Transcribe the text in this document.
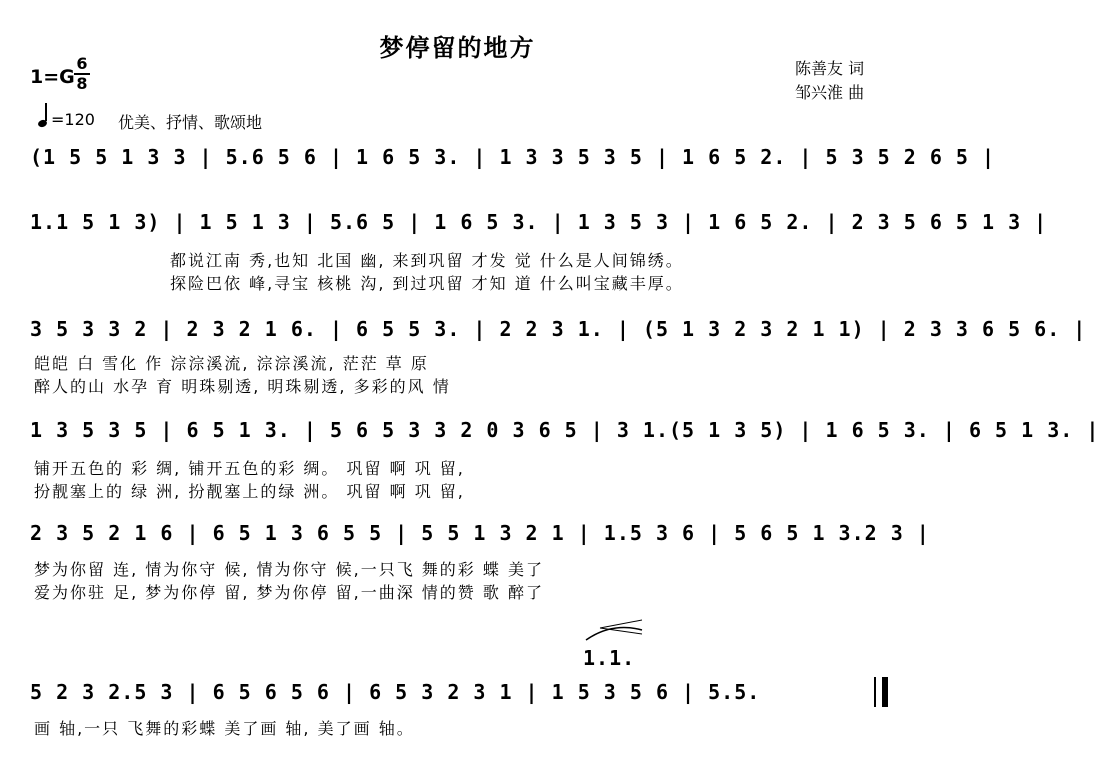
梦停留的地方
1=G
6
8
=120 优美、抒情、歌颂地
陈善友 词
邹兴淮 曲
(1 5 5 1 3 3 | 5.6 5 6 | 1 6 5 3. | 1 3 3 5 3 5 | 1 6 5 2. | 5 3 5 2 6 5 |
1.1 5 1 3) | 1 5 1 3 | 5.6 5 | 1 6 5 3. | 1 3 5 3 | 1 6 5 2. | 2 3 5 6 5 1 3 |
都说江南 秀,也知 北国 幽, 来到巩留 才发 觉 什么是人间锦绣。
探险巴依 峰,寻宝 核桃 沟, 到过巩留 才知 道 什么叫宝藏丰厚。
3 5 3 3 2 | 2 3 2 1 6. | 6 5 5 3. | 2 2 3 1. | (5 1 3 2 3 2 1 1) | 2 3 3 6 5 6. |
皑皑 白 雪化 作 淙淙溪流, 淙淙溪流, 茫茫 草 原
醉人的山 水孕 育 明珠剔透, 明珠剔透, 多彩的风 情
1 3 5 3 5 | 6 5 1 3. | 5 6 5 3 3 2 0 3 6 5 | 3 1.(5 1 3 5) | 1 6 5 3. | 6 5 1 3. |
铺开五色的 彩 绸, 铺开五色的彩 绸。 巩留 啊 巩 留,
扮靓塞上的 绿 洲, 扮靓塞上的绿 洲。 巩留 啊 巩 留,
2 3 5 2 1 6 | 6 5 1 3 6 5 5 | 5 5 1 3 2 1 | 1.5 3 6 | 5 6 5 1 3.2 3 |
梦为你留 连, 情为你守 候, 情为你守 候,一只飞 舞的彩 蝶 美了
爱为你驻 足, 梦为你停 留, 梦为你停 留,一曲深 情的赞 歌 醉了
1.1.
5 2 3 2.5 3 | 6 5 6 5 6 | 6 5 3 2 3 1 | 1 5 3 5 6 | 5.5.
画 轴,一只 飞舞的彩蝶 美了画 轴, 美了画 轴。
